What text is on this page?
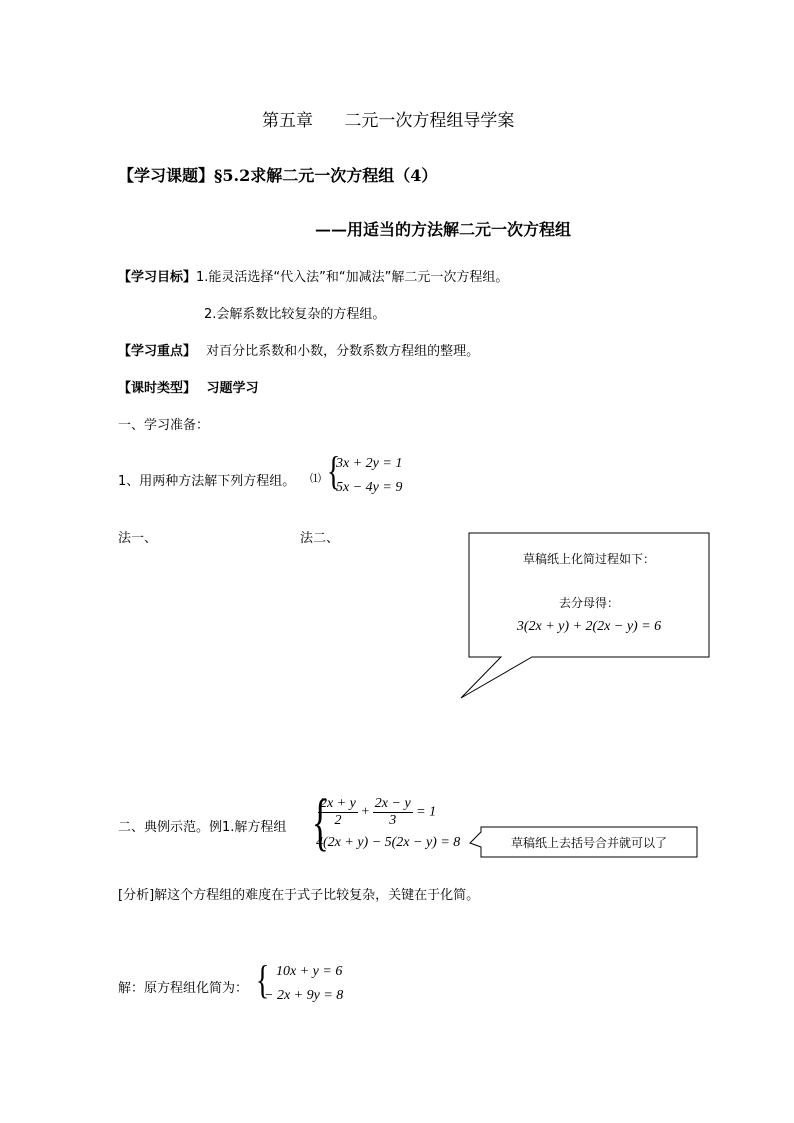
第五章 二元一次方程组导学案
【学习课题】§5.2求解二元一次方程组（4）
——用适当的方法解二元一次方程组
【学习目标】1.能灵活选择“代入法”和“加减法”解二元一次方程组。
2.会解系数比较复杂的方程组。
【学习重点】 对百分比系数和小数，分数系数方程组的整理。
【课时类型】 习题学习
一、学习准备：
1、用两种方法解下列方程组。 ⑴ {
3x + 2y = 1
5x − 4y = 9
法一、	法二、
草稿纸上化简过程如下：
去分母得：
3(2x + y) + 2(2x − y) = 6
二、典例示范。例1.解方程组 {
$\frac{2x + y}{2} + \frac{2x - y}{3} = 1$
4(2x + y) − 5(2x − y) = 8	草稿纸上去括号合并就可以了
[分析]解这个方程组的难度在于式子比较复杂，关键在于化简。
解：原方程组化简为： { 10x + y = 6
− 2x + 9y = 8
